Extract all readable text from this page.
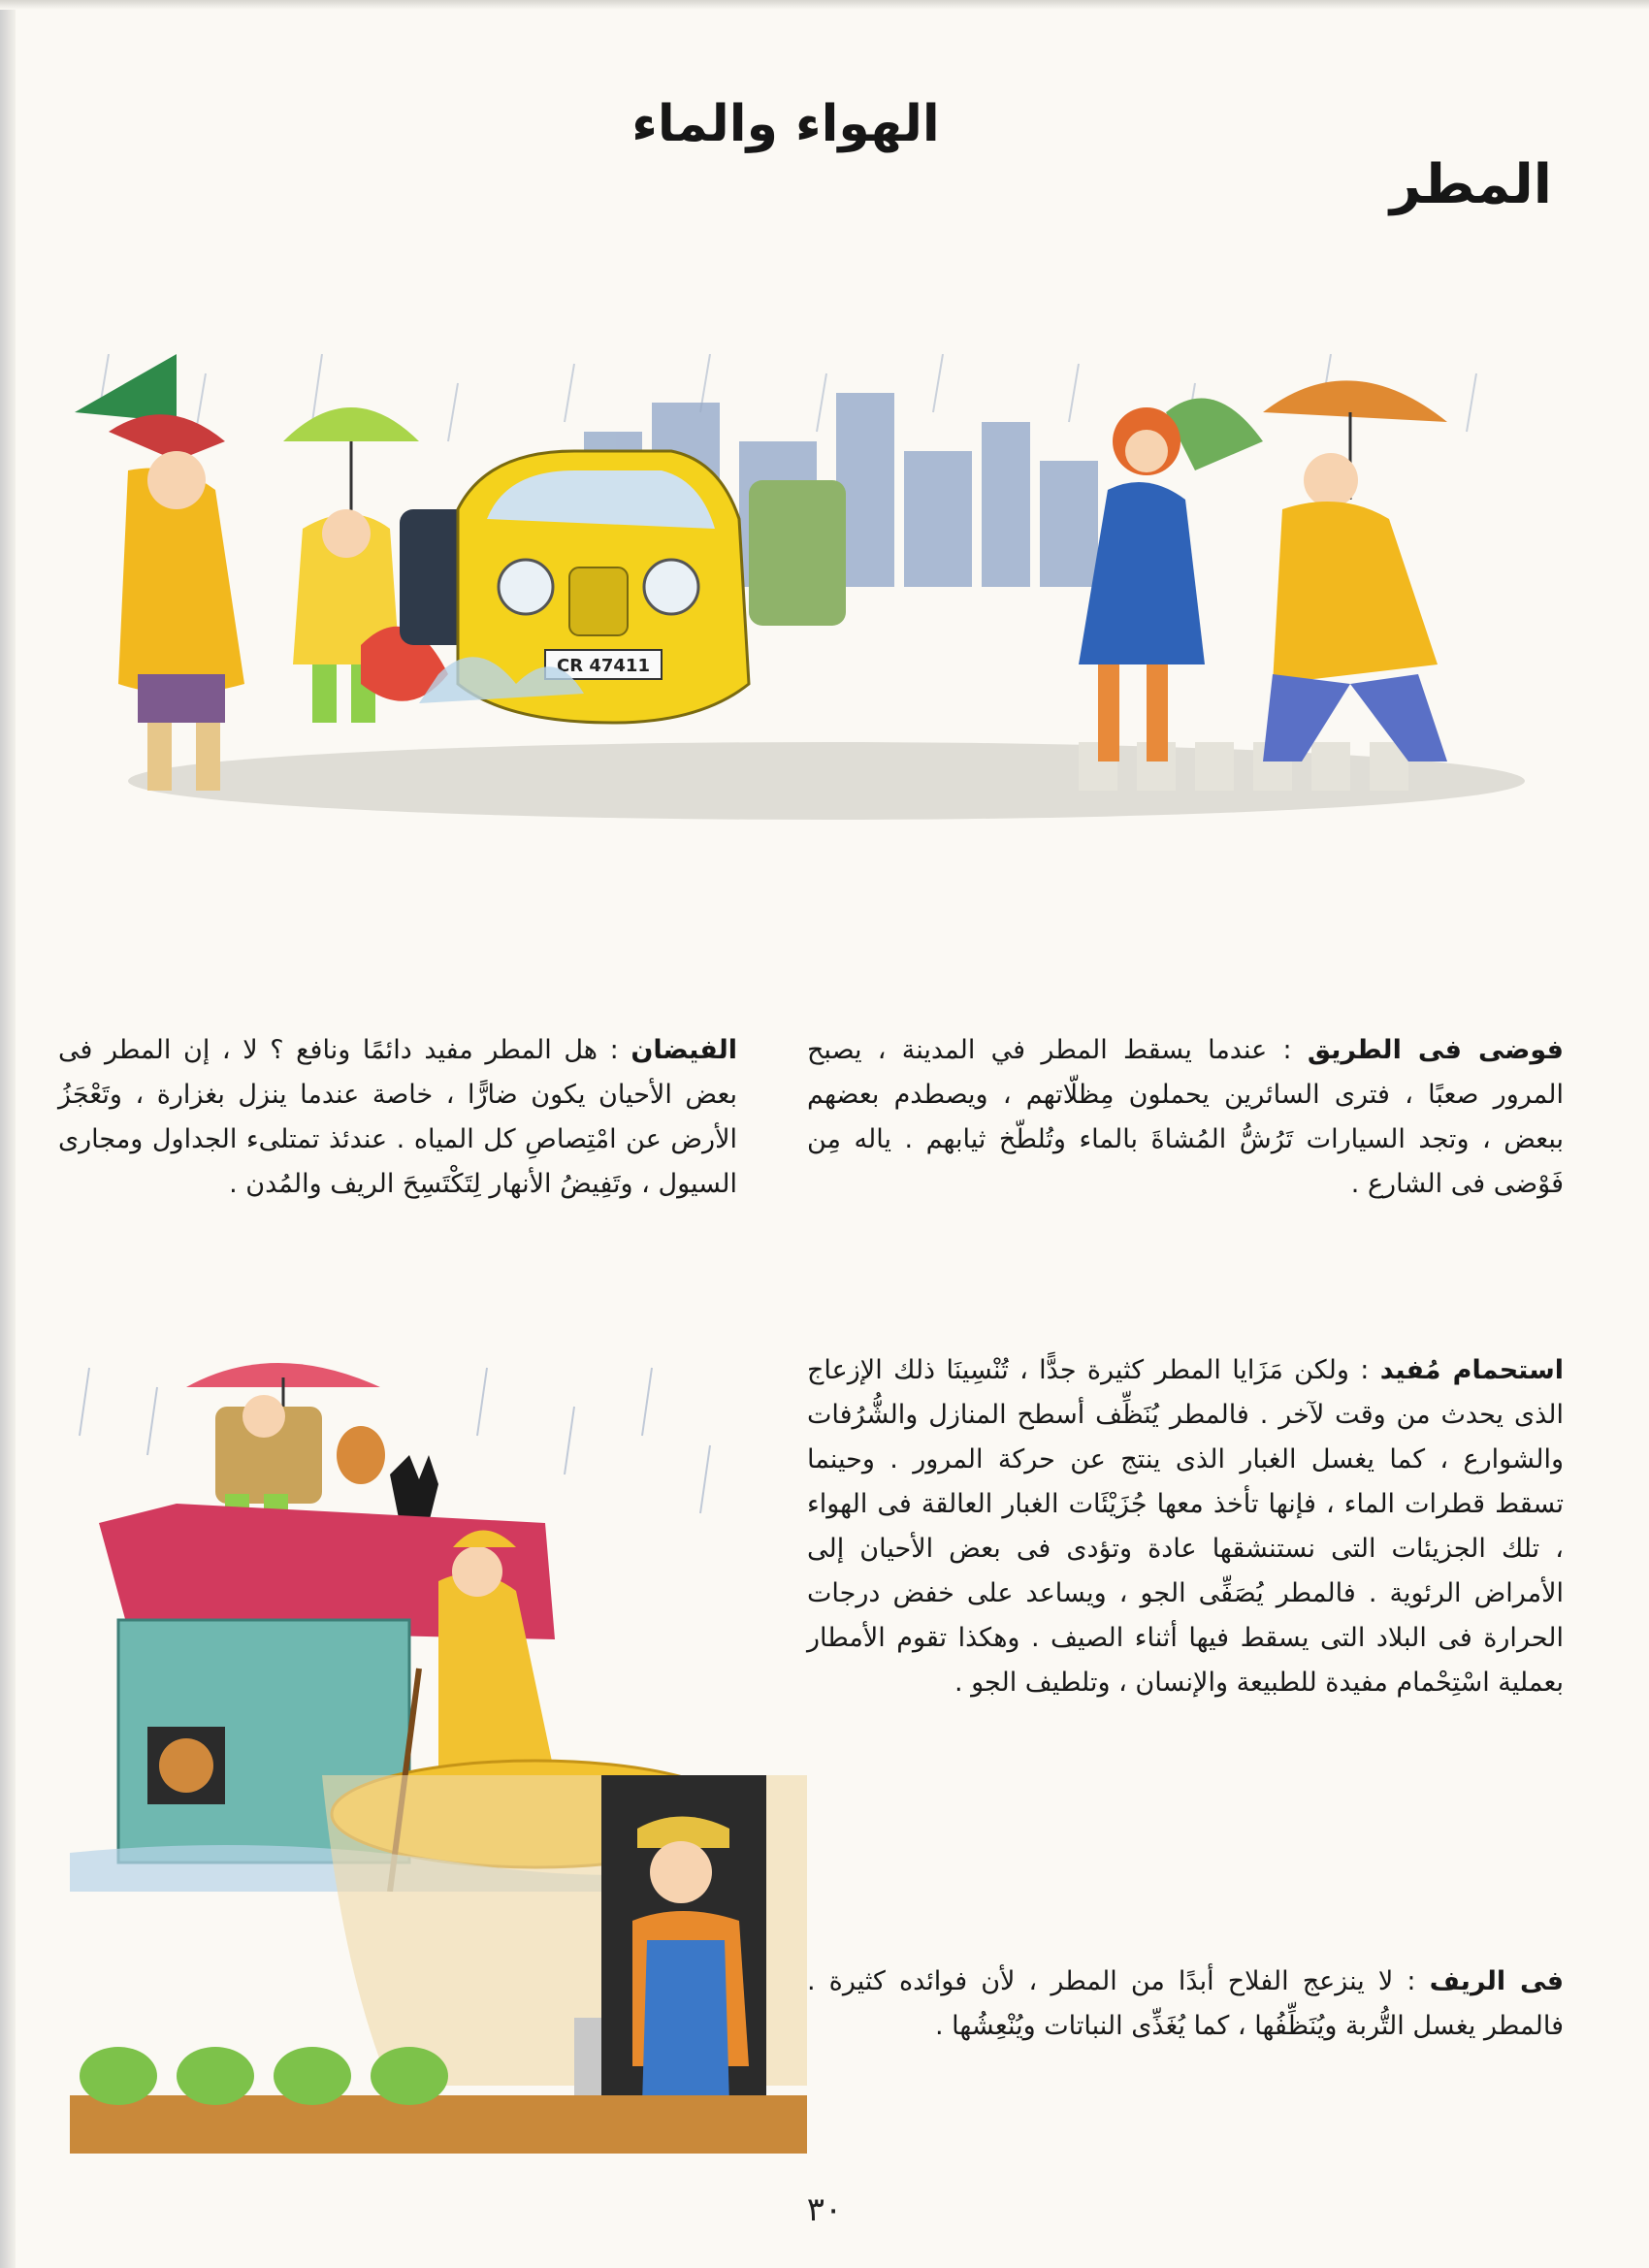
الهواء والماء
المطر
CR 47411

فوضى فى الطريق : عندما يسقط المطر في المدينة ، يصبح المرور صعبًا ، فترى السائرين يحملون مِظلّاتهم ، ويصطدم بعضهم ببعض ، وتجد السيارات تَرُشُّ المُشاةَ بالماء وتُلطّخ ثيابهم . ياله مِن فَوْضى فى الشارع .

الفيضان : هل المطر مفيد دائمًا ونافع ؟ لا ، إن المطر فى بعض الأحيان يكون ضارًّا ، خاصة عندما ينزل بغزارة ، وتَعْجَزُ الأرض عن امْتِصاصِ كل المياه . عندئذ تمتلىء الجداول ومجارى السيول ، وتَفِيضُ الأنهار لِتَكْتَسِحَ الريف والمُدن .

استحمام مُفيد : ولكن مَزَايا المطر كثيرة جدًّا ، تُنْسِينَا ذلك الإزعاج الذى يحدث من وقت لآخر . فالمطر يُنَظِّف أسطح المنازل والشُّرُفات والشوارع ، كما يغسل الغبار الذى ينتج عن حركة المرور . وحينما تسقط قطرات الماء ، فإنها تأخذ معها جُزَيْئَات الغبار العالقة فى الهواء ، تلك الجزيئات التى نستنشقها عادة وتؤدى فى بعض الأحيان إلى الأمراض الرئوية . فالمطر يُصَفِّى الجو ، ويساعد على خفض درجات الحرارة فى البلاد التى يسقط فيها أثناء الصيف . وهكذا تقوم الأمطار بعملية اسْتِحْمام مفيدة للطبيعة والإنسان ، وتلطيف الجو .

فى الريف : لا ينزعج الفلاح أبدًا من المطر ، لأن فوائده كثيرة . فالمطر يغسل التُّربة ويُنَظِّفُها ، كما يُغَذِّى النباتات ويُنْعِشُها .

٣٠
